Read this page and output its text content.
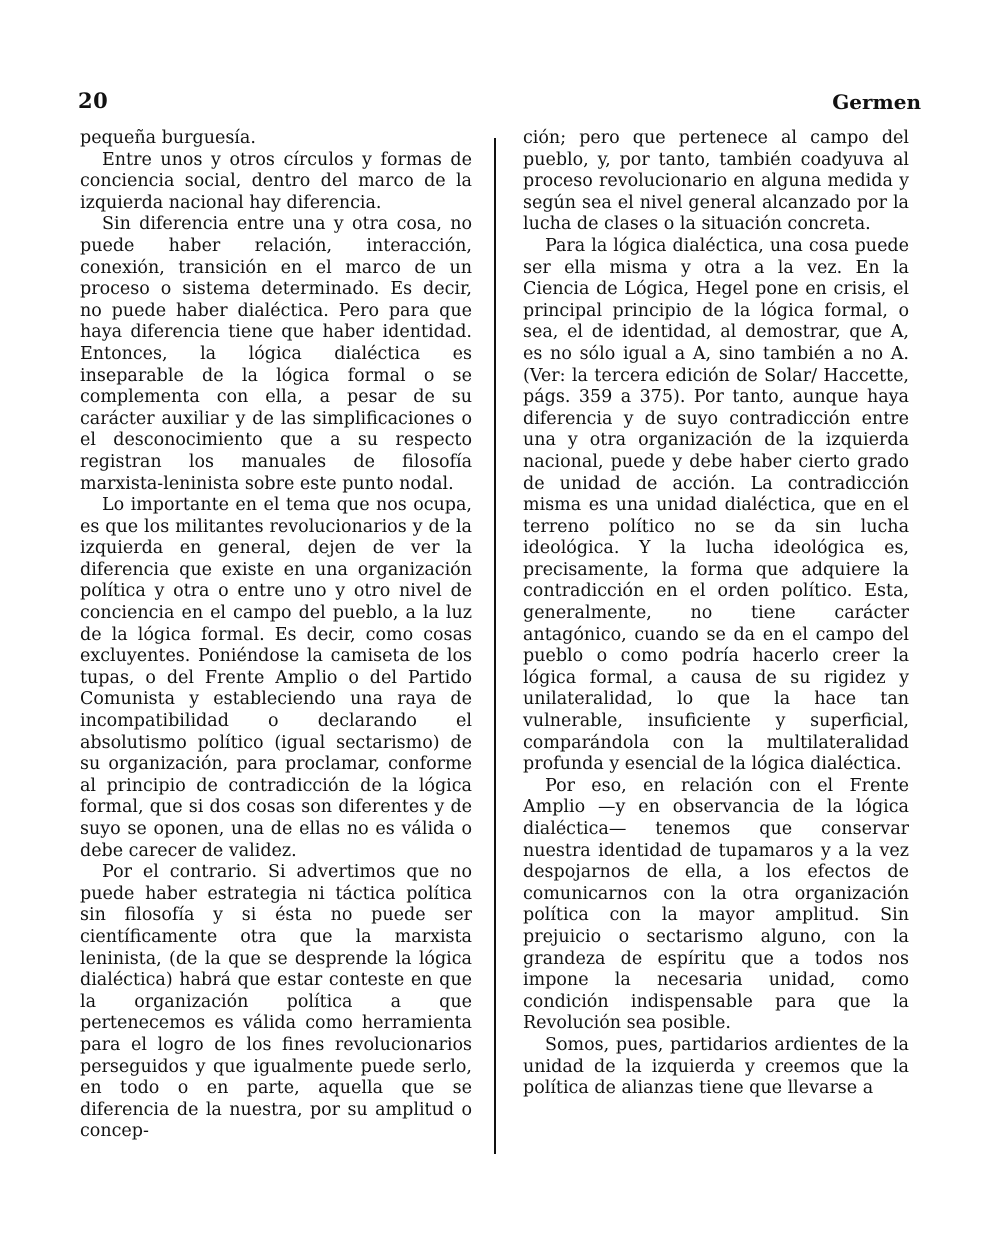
20	Germen

pequeña burguesía.

Entre unos y otros círculos y formas de conciencia social, dentro del marco de la izquierda nacional hay diferencia.

Sin diferencia entre una y otra cosa, no puede haber relación, interacción, conexión, transición en el marco de un proceso o sistema determinado. Es decir, no puede haber dialéctica. Pero para que haya diferencia tiene que haber identidad. Entonces, la lógica dialéctica es inseparable de la lógica formal o se complementa con ella, a pesar de su carácter auxiliar y de las simplificaciones o el desconocimiento que a su respecto registran los manuales de filosofía marxista-leninista sobre este punto nodal.

Lo importante en el tema que nos ocupa, es que los militantes revolucionarios y de la izquierda en general, dejen de ver la diferencia que existe en una organización política y otra o entre uno y otro nivel de conciencia en el campo del pueblo, a la luz de la lógica formal. Es decir, como cosas excluyentes. Poniéndose la camiseta de los tupas, o del Frente Amplio o del Partido Comunista y estableciendo una raya de incompatibilidad o declarando el absolutismo político (igual sectarismo) de su organización, para proclamar, conforme al principio de contradicción de la lógica formal, que si dos cosas son diferentes y de suyo se oponen, una de ellas no es válida o debe carecer de validez.

Por el contrario. Si advertimos que no puede haber estrategia ni táctica política sin filosofía y si ésta no puede ser científicamente otra que la marxista leninista, (de la que se desprende la lógica dialéctica) habrá que estar conteste en que la organización política a que pertenecemos es válida como herramienta para el logro de los fines revolucionarios perseguidos y que igualmente puede serlo, en todo o en parte, aquella que se diferencia de la nuestra, por su amplitud o concep-

ción; pero que pertenece al campo del pueblo, y, por tanto, también coadyuva al proceso revolucionario en alguna medida y según sea el nivel general alcanzado por la lucha de clases o la situación concreta.

Para la lógica dialéctica, una cosa puede ser ella misma y otra a la vez. En la Ciencia de Lógica, Hegel pone en crisis, el principal principio de la lógica formal, o sea, el de identidad, al demostrar, que A, es no sólo igual a A, sino también a no A. (Ver: la tercera edición de Solar/ Haccette, págs. 359 a 375). Por tanto, aunque haya diferencia y de suyo contradicción entre una y otra organización de la izquierda nacional, puede y debe haber cierto grado de unidad de acción. La contradicción misma es una unidad dialéctica, que en el terreno político no se da sin lucha ideológica. Y la lucha ideológica es, precisamente, la forma que adquiere la contradicción en el orden político. Esta, generalmente, no tiene carácter antagónico, cuando se da en el campo del pueblo o como podría hacerlo creer la lógica formal, a causa de su rigidez y unilateralidad, lo que la hace tan vulnerable, insuficiente y superficial, comparándola con la multilateralidad profunda y esencial de la lógica dialéctica.

Por eso, en relación con el Frente Amplio —y en observancia de la lógica dialéctica— tenemos que conservar nuestra identidad de tupamaros y a la vez despojarnos de ella, a los efectos de comunicarnos con la otra organización política con la mayor amplitud. Sin prejuicio o sectarismo alguno, con la grandeza de espíritu que a todos nos impone la necesaria unidad, como condición indispensable para que la Revolución sea posible.

Somos, pues, partidarios ardientes de la unidad de la izquierda y creemos que la política de alianzas tiene que llevarse a
